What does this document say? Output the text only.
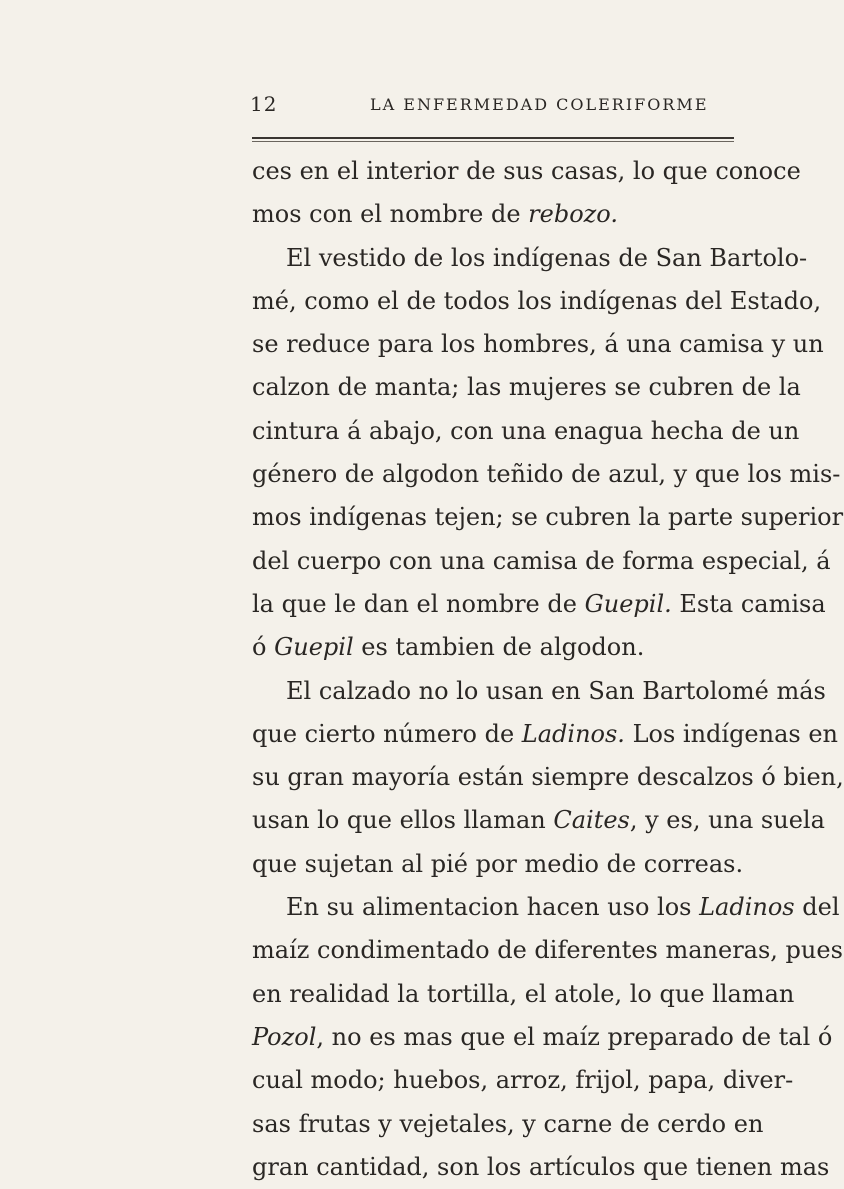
12	LA ENFERMEDAD COLERIFORME
ces en el interior de sus casas, lo que conoce
mos con el nombre de rebozo.
El vestido de los indígenas de San Bartolo-
mé, como el de todos los indígenas del Estado,
se reduce para los hombres, á una camisa y un
calzon de manta; las mujeres se cubren de la
cintura á abajo, con una enagua hecha de un
género de algodon teñido de azul, y que los mis-
mos indígenas tejen; se cubren la parte superior
del cuerpo con una camisa de forma especial, á
la que le dan el nombre de Guepil. Esta camisa
ó Guepil es tambien de algodon.
El calzado no lo usan en San Bartolomé más
que cierto número de Ladinos. Los indígenas en
su gran mayoría están siempre descalzos ó bien,
usan lo que ellos llaman Caites, y es, una suela
que sujetan al pié por medio de correas.
En su alimentacion hacen uso los Ladinos del
maíz condimentado de diferentes maneras, pues
en realidad la tortilla, el atole, lo que llaman
Pozol, no es mas que el maíz preparado de tal ó
cual modo; huebos, arroz, frijol, papa, diver-
sas frutas y vejetales, y carne de cerdo en
gran cantidad, son los artículos que tienen mas
